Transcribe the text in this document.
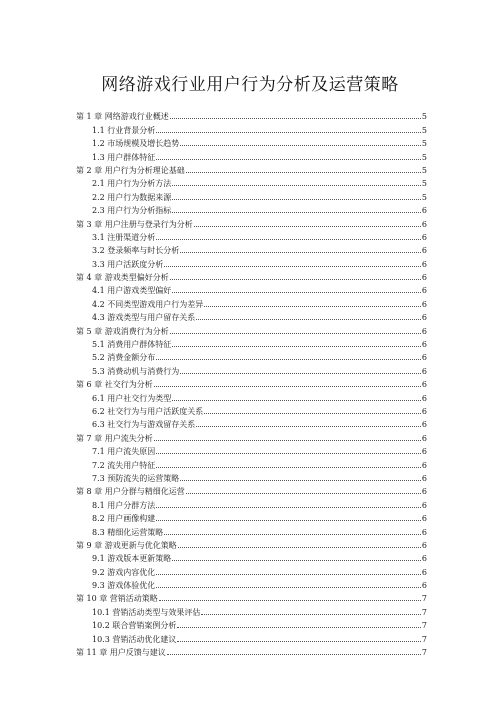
网络游戏行业用户行为分析及运营策略
第 1 章 网络游戏行业概述	5
1.1 行业背景分析	5
1.2 市场规模及增长趋势	5
1.3 用户群体特征	5
第 2 章 用户行为分析理论基础	5
2.1 用户行为分析方法	5
2.2 用户行为数据来源	5
2.3 用户行为分析指标	6
第 3 章 用户注册与登录行为分析	6
3.1 注册渠道分析	6
3.2 登录频率与时长分析	6
3.3 用户活跃度分析	6
第 4 章 游戏类型偏好分析	6
4.1 用户游戏类型偏好	6
4.2 不同类型游戏用户行为差异	6
4.3 游戏类型与用户留存关系	6
第 5 章 游戏消费行为分析	6
5.1 消费用户群体特征	6
5.2 消费金额分布	6
5.3 消费动机与消费行为	6
第 6 章 社交行为分析	6
6.1 用户社交行为类型	6
6.2 社交行为与用户活跃度关系	6
6.3 社交行为与游戏留存关系	6
第 7 章 用户流失分析	6
7.1 用户流失原因	6
7.2 流失用户特征	6
7.3 预防流失的运营策略	6
第 8 章 用户分群与精细化运营	6
8.1 用户分群方法	6
8.2 用户画像构建	6
8.3 精细化运营策略	6
第 9 章 游戏更新与优化策略	6
9.1 游戏版本更新策略	6
9.2 游戏内容优化	6
9.3 游戏体验优化	6
第 10 章 营销活动策略	7
10.1 营销活动类型与效果评估	7
10.2 联合营销案例分析	7
10.3 营销活动优化建议	7
第 11 章 用户反馈与建议	7
